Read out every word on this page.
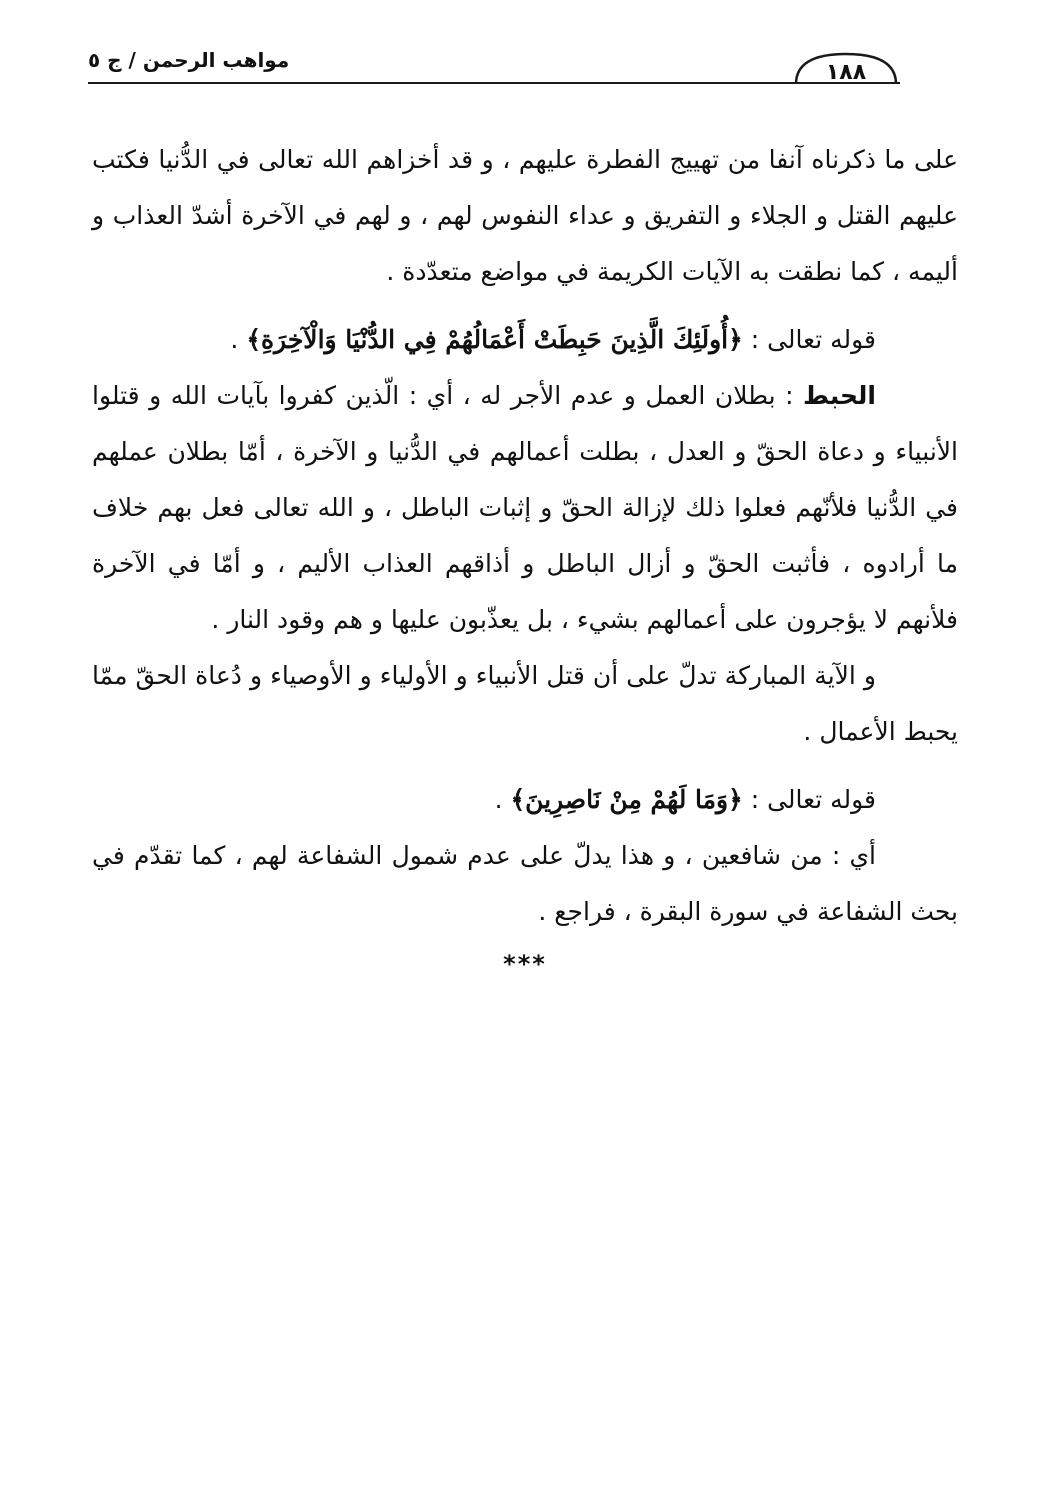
١٨٨
مواهب الرحمن / ج ٥

على ما ذكرناه آنفا من تهييج الفطرة عليهم ، و قد أخزاهم الله تعالى في الدُّنيا فكتب عليهم القتل و الجلاء و التفريق و عداء النفوس لهم ، و لهم في الآخرة أشدّ العذاب و أليمه ، كما نطقت به الآيات الكريمة في مواضع متعدّدة .

قوله تعالى : ﴿أُولَئِكَ الَّذِينَ حَبِطَتْ أَعْمَالُهُمْ فِي الدُّنْيَا وَالْآخِرَةِ﴾ .

الحبط : بطلان العمل و عدم الأجر له ، أي : الّذين كفروا بآيات الله و قتلوا الأنبياء و دعاة الحقّ و العدل ، بطلت أعمالهم في الدُّنيا و الآخرة ، أمّا بطلان عملهم في الدُّنيا فلأنّهم فعلوا ذلك لإزالة الحقّ و إثبات الباطل ، و الله تعالى فعل بهم خلاف ما أرادوه ، فأثبت الحقّ و أزال الباطل و أذاقهم العذاب الأليم ، و أمّا في الآخرة فلأنهم لا يؤجرون على أعمالهم بشيء ، بل يعذّبون عليها و هم وقود النار .

و الآية المباركة تدلّ على أن قتل الأنبياء و الأولياء و الأوصياء و دُعاة الحقّ ممّا يحبط الأعمال .

قوله تعالى : ﴿وَمَا لَهُمْ مِنْ نَاصِرِينَ﴾ .

أي : من شافعين ، و هذا يدلّ على عدم شمول الشفاعة لهم ، كما تقدّم في بحث الشفاعة في سورة البقرة ، فراجع .

***
